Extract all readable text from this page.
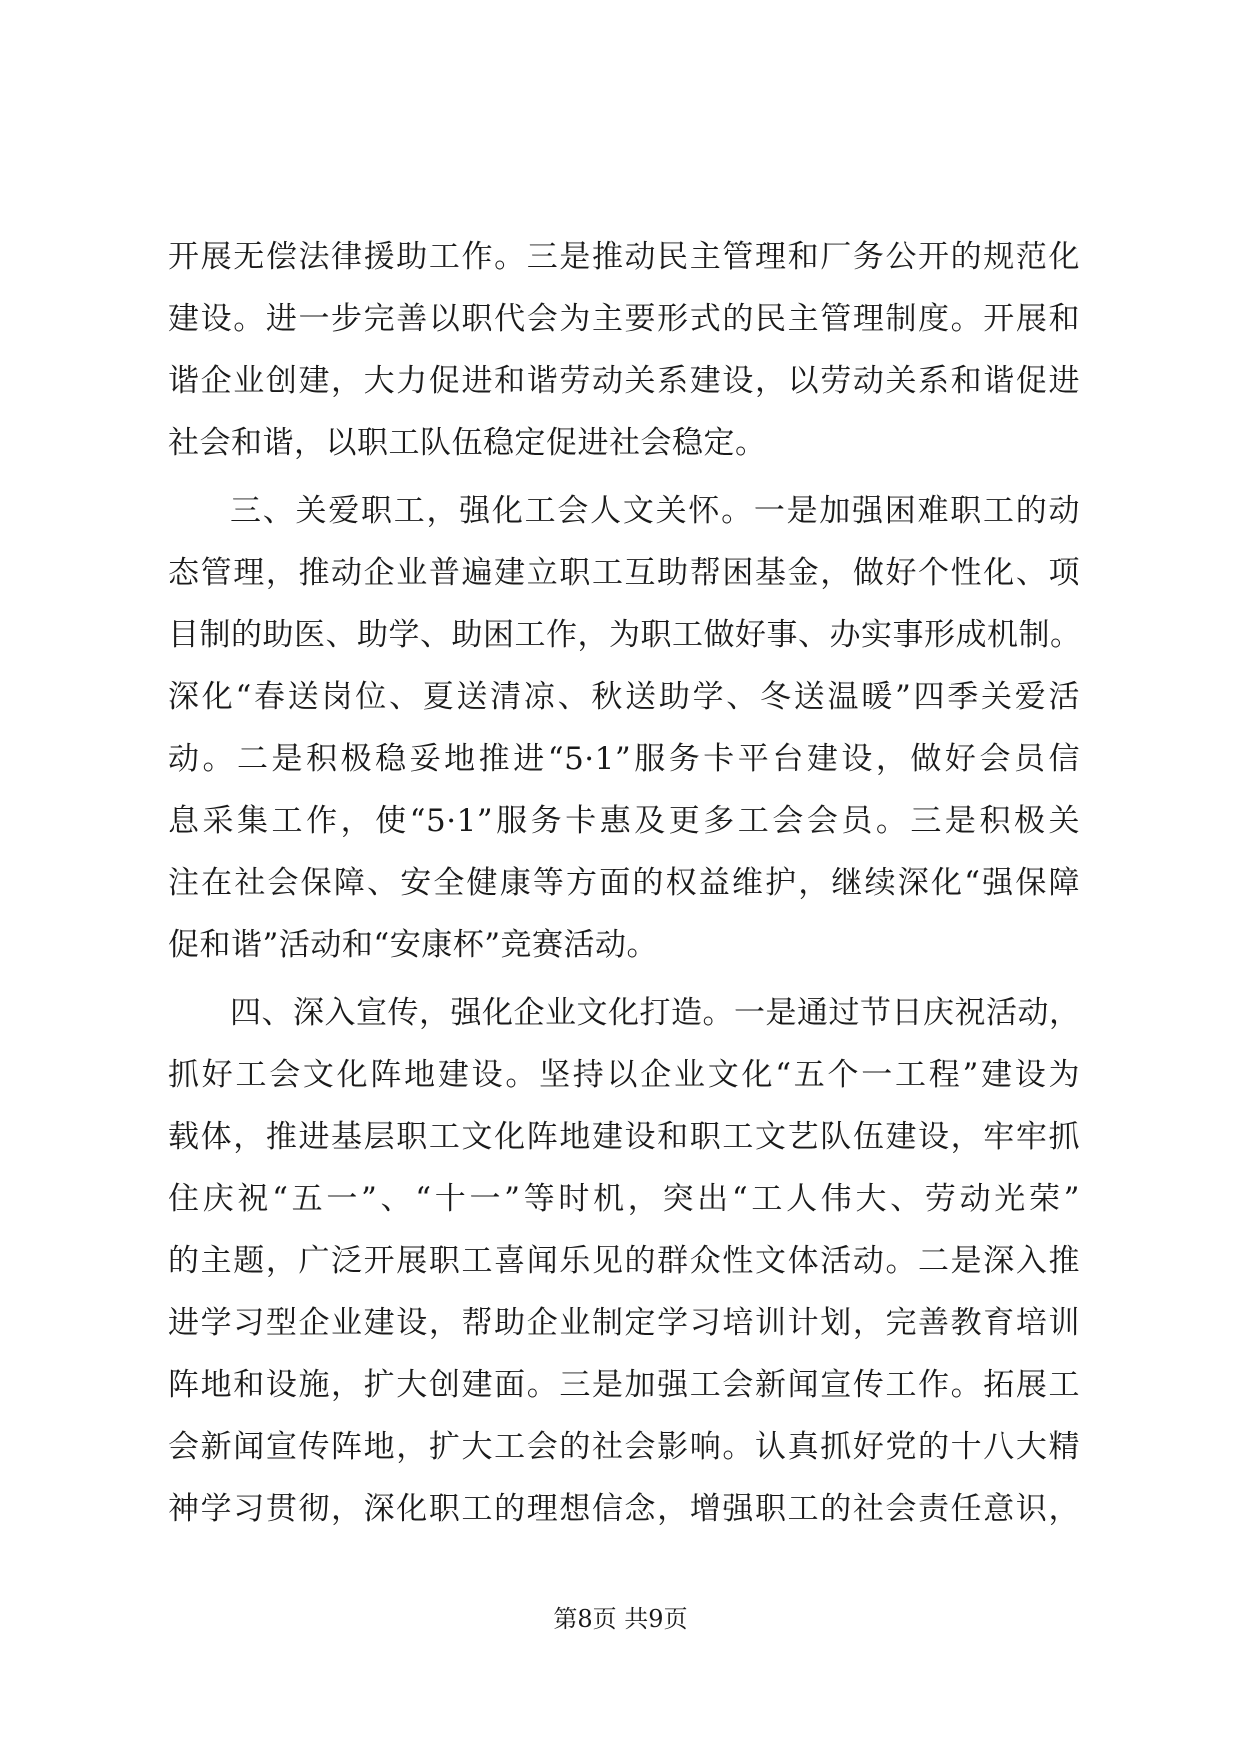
开展无偿法律援助工作。三是推动民主管理和厂务公开的规范化
建设。进一步完善以职代会为主要形式的民主管理制度。开展和
谐企业创建，大力促进和谐劳动关系建设，以劳动关系和谐促进
社会和谐，以职工队伍稳定促进社会稳定。
三、关爱职工，强化工会人文关怀。一是加强困难职工的动
态管理，推动企业普遍建立职工互助帮困基金，做好个性化、项
目制的助医、助学、助困工作，为职工做好事、办实事形成机制。
深化“春送岗位、夏送清凉、秋送助学、冬送温暖”四季关爱活
动。二是积极稳妥地推进“5·1”服务卡平台建设，做好会员信
息采集工作，使“5·1”服务卡惠及更多工会会员。三是积极关
注在社会保障、安全健康等方面的权益维护，继续深化“强保障
促和谐”活动和“安康杯”竞赛活动。
四、深入宣传，强化企业文化打造。一是通过节日庆祝活动，
抓好工会文化阵地建设。坚持以企业文化“五个一工程”建设为
载体，推进基层职工文化阵地建设和职工文艺队伍建设，牢牢抓
住庆祝“五一”、“十一”等时机，突出“工人伟大、劳动光荣”
的主题，广泛开展职工喜闻乐见的群众性文体活动。二是深入推
进学习型企业建设，帮助企业制定学习培训计划，完善教育培训
阵地和设施，扩大创建面。三是加强工会新闻宣传工作。拓展工
会新闻宣传阵地，扩大工会的社会影响。认真抓好党的十八大精
神学习贯彻，深化职工的理想信念，增强职工的社会责任意识，
第8页 共9页
